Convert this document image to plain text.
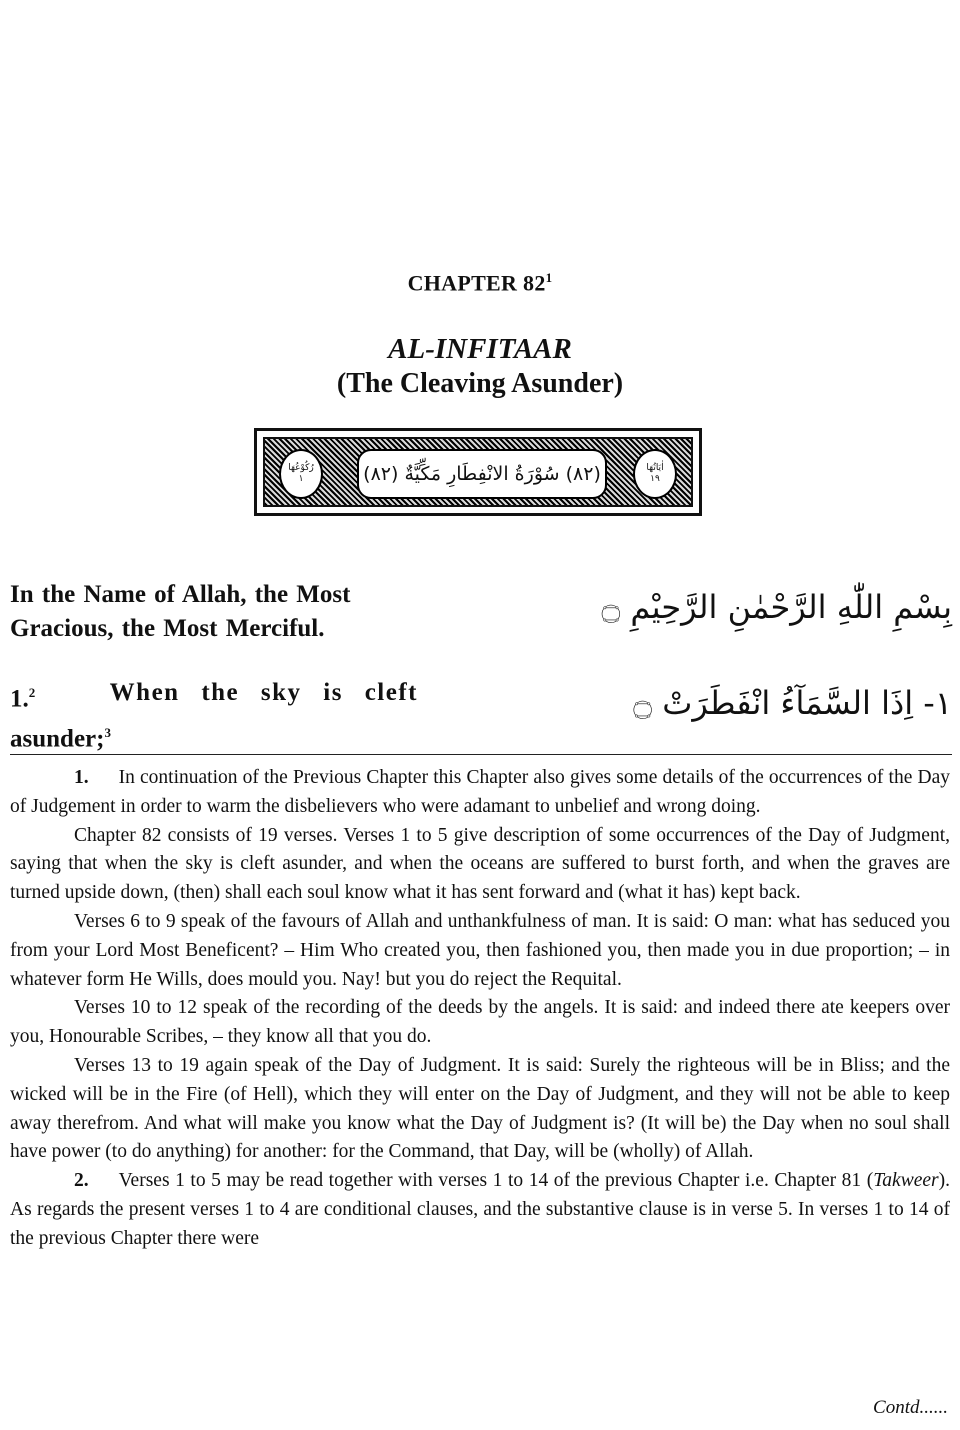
CHAPTER $82^1$
AL-INFITAAR
(The Cleaving Asunder)
رُكُوْعُهَا
١	(٨٢) سُوْرَةُ الانْفِطَارِ مَكِّيَّةٌ (٨٢)	اٰيَاتُهَا
١٩
In the Name of Allah, the Most
Gracious, the Most Merciful.
بِسْمِ اللّٰهِ الرَّحْمٰنِ الرَّحِيْمِ ۝
1.$^2$	When the sky is cleft
asunder;$^3$
١- اِذَا السَّمَآءُ انْفَطَرَتْ ۝

1. In continuation of the Previous Chapter this Chapter also gives some details of the occurrences of the Day of Judgement in order to warm the disbelievers who were adamant to unbelief and wrong doing.

Chapter 82 consists of 19 verses. Verses 1 to 5 give description of some occurrences of the Day of Judgment, saying that when the sky is cleft asunder, and when the oceans are suffered to burst forth, and when the graves are turned upside down, (then) shall each soul know what it has sent forward and (what it has) kept back.

Verses 6 to 9 speak of the favours of Allah and unthankfulness of man. It is said: O man: what has seduced you from your Lord Most Beneficent? – Him Who created you, then fashioned you, then made you in due proportion; – in whatever form He Wills, does mould you. Nay! but you do reject the Requital.

Verses 10 to 12 speak of the recording of the deeds by the angels. It is said: and indeed there ate keepers over you, Honourable Scribes, – they know all that you do.

Verses 13 to 19 again speak of the Day of Judgment. It is said: Surely the righteous will be in Bliss; and the wicked will be in the Fire (of Hell), which they will enter on the Day of Judgment, and they will not be able to keep away therefrom. And what will make you know what the Day of Judgment is? (It will be) the Day when no soul shall have power (to do anything) for another: for the Command, that Day, will be (wholly) of Allah.

2. Verses 1 to 5 may be read together with verses 1 to 14 of the previous Chapter i.e. Chapter 81 (Takweer). As regards the present verses 1 to 4 are conditional clauses, and the substantive clause is in verse 5. In verses 1 to 14 of the previous Chapter there were

Contd......
